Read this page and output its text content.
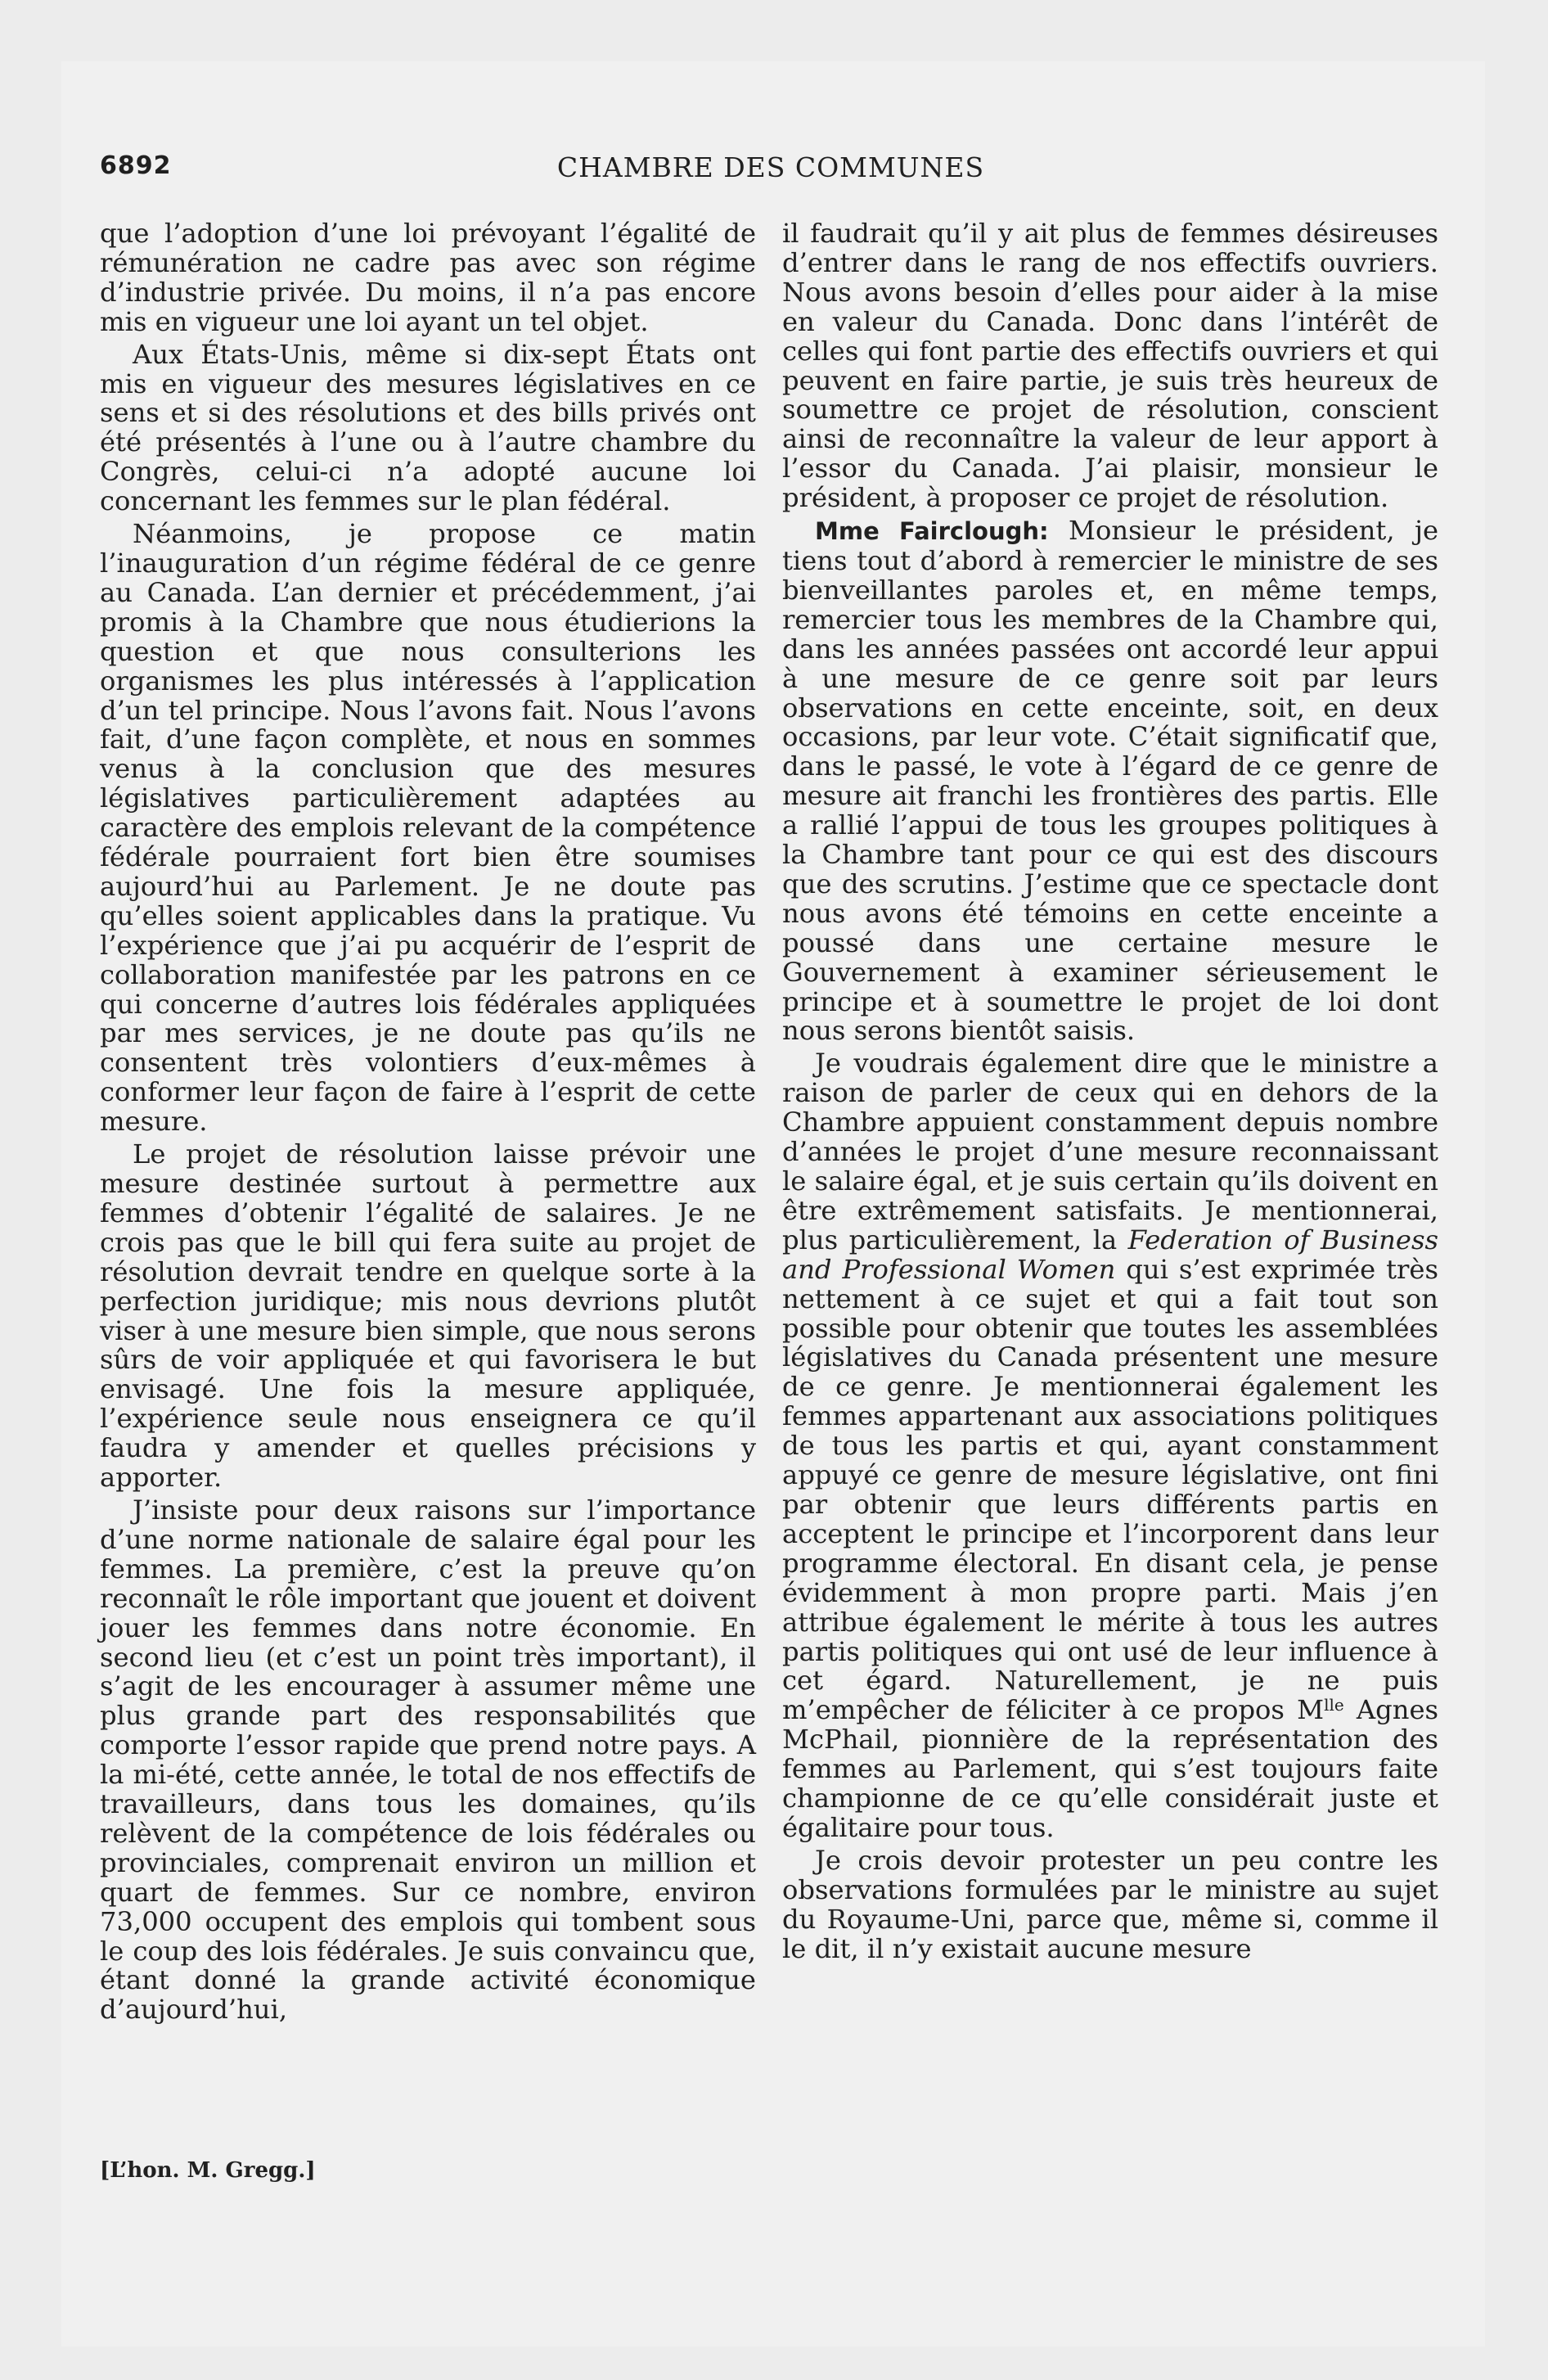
6892	CHAMBRE DES COMMUNES

que l’adoption d’une loi prévoyant l’égalité de rémunération ne cadre pas avec son régime d’industrie privée. Du moins, il n’a pas encore mis en vigueur une loi ayant un tel objet.

Aux États-Unis, même si dix-sept États ont mis en vigueur des mesures législatives en ce sens et si des résolutions et des bills privés ont été présentés à l’une ou à l’autre chambre du Congrès, celui-ci n’a adopté aucune loi concernant les femmes sur le plan fédéral.

Néanmoins, je propose ce matin l’inauguration d’un régime fédéral de ce genre au Canada. L’an dernier et précédemment, j’ai promis à la Chambre que nous étudierions la question et que nous consulterions les organismes les plus intéressés à l’application d’un tel principe. Nous l’avons fait. Nous l’avons fait, d’une façon complète, et nous en sommes venus à la conclusion que des mesures législatives particulièrement adaptées au caractère des emplois relevant de la compétence fédérale pourraient fort bien être soumises aujourd’hui au Parlement. Je ne doute pas qu’elles soient applicables dans la pratique. Vu l’expérience que j’ai pu acquérir de l’esprit de collaboration manifestée par les patrons en ce qui concerne d’autres lois fédérales appliquées par mes services, je ne doute pas qu’ils ne consentent très volontiers d’eux-mêmes à conformer leur façon de faire à l’esprit de cette mesure.

Le projet de résolution laisse prévoir une mesure destinée surtout à permettre aux femmes d’obtenir l’égalité de salaires. Je ne crois pas que le bill qui fera suite au projet de résolution devrait tendre en quelque sorte à la perfection juridique; mis nous devrions plutôt viser à une mesure bien simple, que nous serons sûrs de voir appliquée et qui favorisera le but envisagé. Une fois la mesure appliquée, l’expérience seule nous enseignera ce qu’il faudra y amender et quelles précisions y apporter.

J’insiste pour deux raisons sur l’importance d’une norme nationale de salaire égal pour les femmes. La première, c’est la preuve qu’on reconnaît le rôle important que jouent et doivent jouer les femmes dans notre économie. En second lieu (et c’est un point très important), il s’agit de les encourager à assumer même une plus grande part des responsabilités que comporte l’essor rapide que prend notre pays. A la mi-été, cette année, le total de nos effectifs de travailleurs, dans tous les domaines, qu’ils relèvent de la compétence de lois fédérales ou provinciales, comprenait environ un million et quart de femmes. Sur ce nombre, environ 73,000 occupent des emplois qui tombent sous le coup des lois fédérales. Je suis convaincu que, étant donné la grande activité économique d’aujourd’hui,

il faudrait qu’il y ait plus de femmes désireuses d’entrer dans le rang de nos effectifs ouvriers. Nous avons besoin d’elles pour aider à la mise en valeur du Canada. Donc dans l’intérêt de celles qui font partie des effectifs ouvriers et qui peuvent en faire partie, je suis très heureux de soumettre ce projet de résolution, conscient ainsi de reconnaître la valeur de leur apport à l’essor du Canada. J’ai plaisir, monsieur le président, à proposer ce projet de résolution.

Mme Fairclough: Monsieur le président, je tiens tout d’abord à remercier le ministre de ses bienveillantes paroles et, en même temps, remercier tous les membres de la Chambre qui, dans les années passées ont accordé leur appui à une mesure de ce genre soit par leurs observations en cette enceinte, soit, en deux occasions, par leur vote. C’était significatif que, dans le passé, le vote à l’égard de ce genre de mesure ait franchi les frontières des partis. Elle a rallié l’appui de tous les groupes politiques à la Chambre tant pour ce qui est des discours que des scrutins. J’estime que ce spectacle dont nous avons été témoins en cette enceinte a poussé dans une certaine mesure le Gouvernement à examiner sérieusement le principe et à soumettre le projet de loi dont nous serons bientôt saisis.

Je voudrais également dire que le ministre a raison de parler de ceux qui en dehors de la Chambre appuient constamment depuis nombre d’années le projet d’une mesure reconnaissant le salaire égal, et je suis certain qu’ils doivent en être extrêmement satisfaits. Je mentionnerai, plus particulièrement, la Federation of Business and Professional Women qui s’est exprimée très nettement à ce sujet et qui a fait tout son possible pour obtenir que toutes les assemblées législatives du Canada présentent une mesure de ce genre. Je mentionnerai également les femmes appartenant aux associations politiques de tous les partis et qui, ayant constamment appuyé ce genre de mesure législative, ont fini par obtenir que leurs différents partis en acceptent le principe et l’incorporent dans leur programme électoral. En disant cela, je pense évidemment à mon propre parti. Mais j’en attribue également le mérite à tous les autres partis politiques qui ont usé de leur influence à cet égard. Naturellement, je ne puis m’empêcher de féliciter à ce propos $M^{lle}$ Agnes McPhail, pionnière de la représentation des femmes au Parlement, qui s’est toujours faite championne de ce qu’elle considérait juste et égalitaire pour tous.

Je crois devoir protester un peu contre les observations formulées par le ministre au sujet du Royaume-Uni, parce que, même si, comme il le dit, il n’y existait aucune mesure

[L’hon. M. Gregg.]
